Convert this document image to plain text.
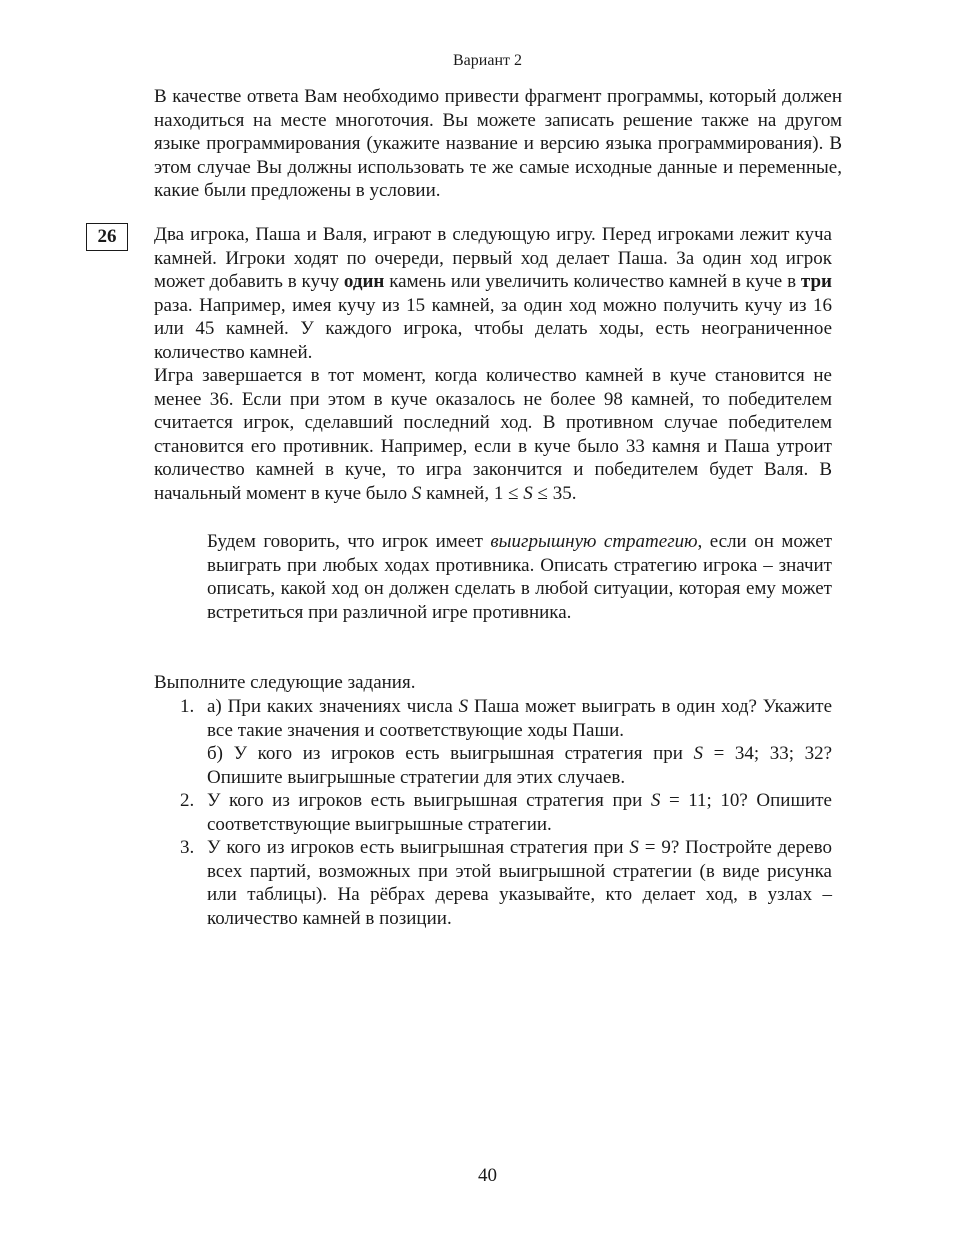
Вариант 2
В качестве ответа Вам необходимо привести фрагмент программы, который должен находиться на месте многоточия. Вы можете записать решение также на другом языке программирования (укажите название и версию языка программирования). В этом случае Вы должны использовать те же самые исходные данные и переменные, какие были предложены в условии.
26	Два игрока, Паша и Валя, играют в следующую игру. Перед игроками лежит куча камней. Игроки ходят по очереди, первый ход делает Паша. За один ход игрок может добавить в кучу один камень или увеличить количество камней в куче в три раза. Например, имея кучу из 15 камней, за один ход можно получить кучу из 16 или 45 камней. У каждого игрока, чтобы делать ходы, есть неограниченное количество камней.
Игра завершается в тот момент, когда количество камней в куче становится не менее 36. Если при этом в куче оказалось не более 98 камней, то победителем считается игрок, сделавший последний ход. В противном случае победителем становится его противник. Например, если в куче было 33 камня и Паша утроит количество камней в куче, то игра закончится и победителем будет Валя. В начальный момент в куче было S камней, 1 ≤ S ≤ 35.
Будем говорить, что игрок имеет выигрышную стратегию, если он может выиграть при любых ходах противника. Описать стратегию игрока – значит описать, какой ход он должен сделать в любой ситуации, которая ему может встретиться при различной игре противника.
Выполните следующие задания.
1. а) При каких значениях числа S Паша может выиграть в один ход? Укажите все такие значения и соответствующие ходы Паши.
б) У кого из игроков есть выигрышная стратегия при S = 34; 33; 32? Опишите выигрышные стратегии для этих случаев.
2. У кого из игроков есть выигрышная стратегия при S = 11; 10? Опишите соответствующие выигрышные стратегии.
3. У кого из игроков есть выигрышная стратегия при S = 9? Постройте дерево всех партий, возможных при этой выигрышной стратегии (в виде рисунка или таблицы). На рёбрах дерева указывайте, кто делает ход, в узлах – количество камней в позиции.
40
